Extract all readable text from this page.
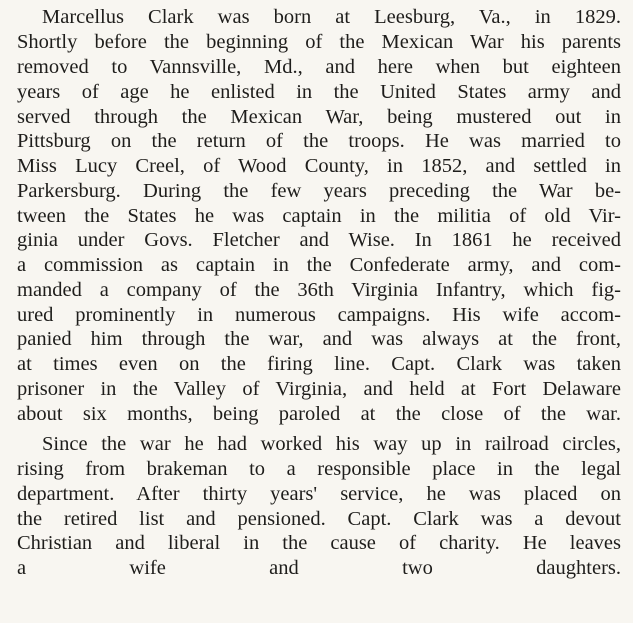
Marcellus Clark was born at Leesburg, Va., in 1829.
Shortly before the beginning of the Mexican War his parents
removed to Vannsville, Md., and here when but eighteen
years of age he enlisted in the United States army and
served through the Mexican War, being mustered out in
Pittsburg on the return of the troops. He was married to
Miss Lucy Creel, of Wood County, in 1852, and settled in
Parkersburg. During the few years preceding the War be-
tween the States he was captain in the militia of old Vir-
ginia under Govs. Fletcher and Wise. In 1861 he received
a commission as captain in the Confederate army, and com-
manded a company of the 36th Virginia Infantry, which fig-
ured prominently in numerous campaigns. His wife accom-
panied him through the war, and was always at the front,
at times even on the firing line. Capt. Clark was taken
prisoner in the Valley of Virginia, and held at Fort Delaware
about six months, being paroled at the close of the war.
Since the war he had worked his way up in railroad circles,
rising from brakeman to a responsible place in the legal
department. After thirty years' service, he was placed on
the retired list and pensioned. Capt. Clark was a devout
Christian and liberal in the cause of charity. He leaves
a wife and two daughters.
